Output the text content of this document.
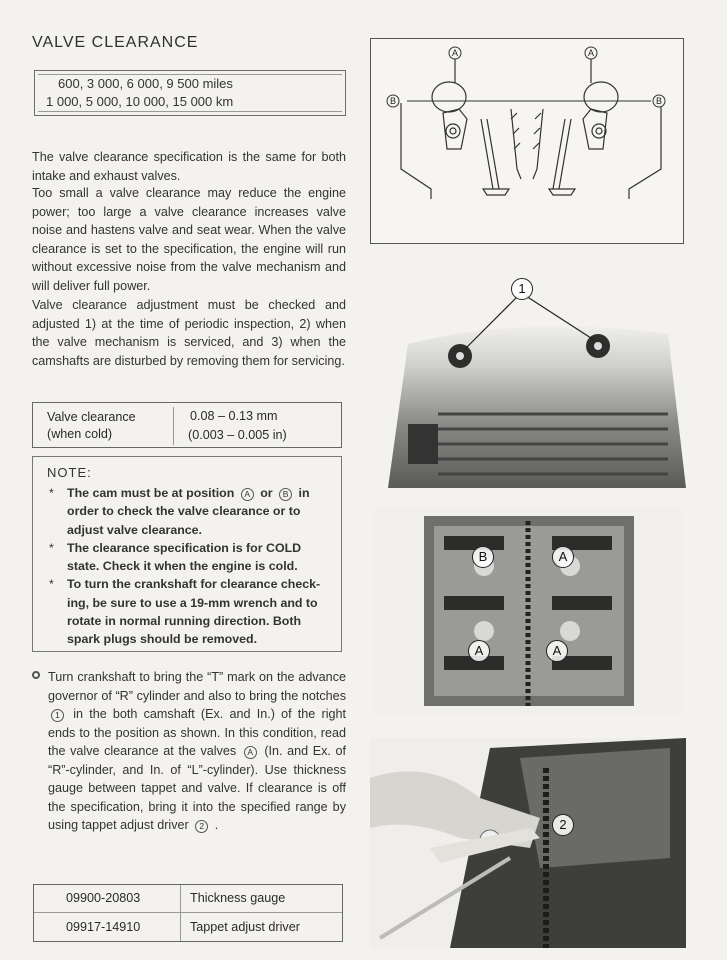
VALVE CLEARANCE
600, 3 000, 6 000, 9 500 miles
1 000, 5 000, 10 000, 15 000 km
The valve clearance specification is the same for both intake and exhaust valves.
Too small a valve clearance may reduce the engine power; too large a valve clearance increases valve noise and hastens valve and seat wear. When the valve clearance is set to the specification, the engine will run without excessive noise from the valve mechanism and will deliver full power.
Valve clearance adjustment must be checked and adjusted 1) at the time of periodic inspection, 2) when the valve mechanism is serviced, and 3) when the camshafts are disturbed by removing them for servicing.
Valve clearance
(when cold)
0.08 – 0.13 mm
(0.003 – 0.005 in)
NOTE:
* The cam must be at position A or B in order to check the valve clearance or to adjust valve clearance.
* The clearance specification is for COLD state. Check it when the engine is cold.
* To turn the crankshaft for clearance check-ing, be sure to use a 19-mm wrench and to rotate in normal running direction. Both spark plugs should be removed.
Turn crankshaft to bring the “T” mark on the advance governor of “R” cylinder and also to bring the notches 1 in the both camshaft (Ex. and In.) of the right ends to the position as shown. In this condition, read the valve clearance at the valves A (In. and Ex. of “R”-cylinder, and In. of “L”-cylinder). Use thickness gauge between tappet and valve. If clearance is off the specification, bring it into the specified range by using tappet adjust driver 2 .
09900-20803	Thickness gauge
09917-14910	Tappet adjust driver
A	A
B	B
1
B	A
A	A
2
